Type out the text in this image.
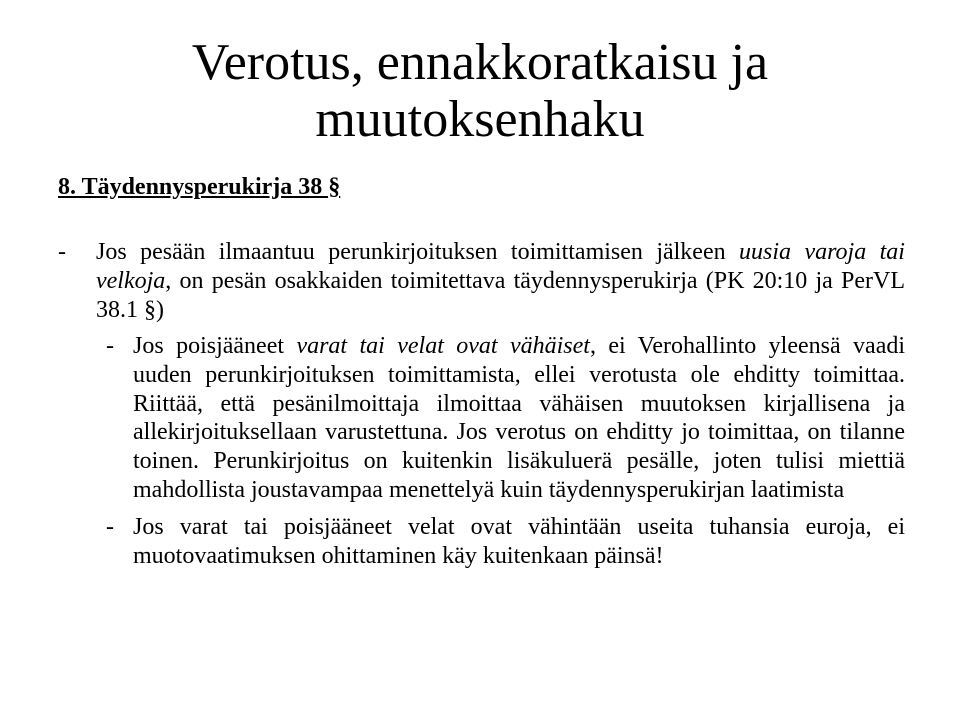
Verotus, ennakkoratkaisu ja
muutoksenhaku
8. Täydennysperukirja 38 §
- Jos pesään ilmaantuu perunkirjoituksen toimittamisen jälkeen uusia varoja tai
velkoja, on pesän osakkaiden toimitettava täydennysperukirja (PK 20:10 ja PerVL
38.1 §)
- Jos poisjääneet varat tai velat ovat vähäiset, ei Verohallinto yleensä vaadi
uuden perunkirjoituksen toimittamista, ellei verotusta ole ehditty toimittaa.
Riittää, että pesänilmoittaja ilmoittaa vähäisen muutoksen kirjallisena ja
allekirjoituksellaan varustettuna. Jos verotus on ehditty jo toimittaa, on tilanne
toinen. Perunkirjoitus on kuitenkin lisäkuluerä pesälle, joten tulisi miettiä
mahdollista joustavampaa menettelyä kuin täydennysperukirjan laatimista
- Jos varat tai poisjääneet velat ovat vähintään useita tuhansia euroja, ei
muotovaatimuksen ohittaminen käy kuitenkaan päinsä!
